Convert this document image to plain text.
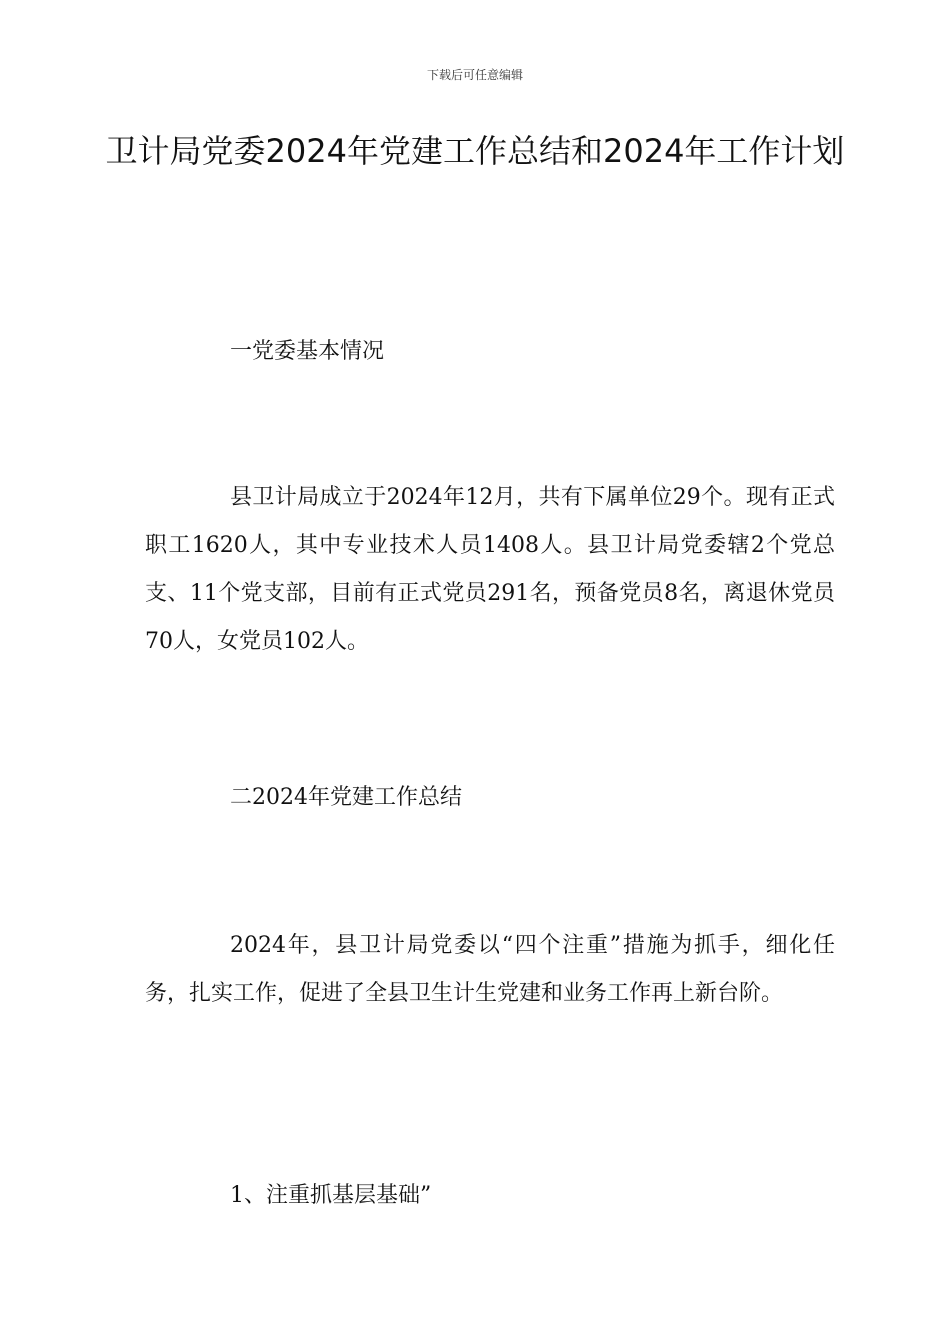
下载后可任意编辑
卫计局党委2024年党建工作总结和2024年工作计划
一党委基本情况

县卫计局成立于2024年12月，共有下属单位29个。现有正式职工1620人，其中专业技术人员1408人。县卫计局党委辖2个党总支、11个党支部，目前有正式党员291名，预备党员8名，离退休党员70人，女党员102人。

二2024年党建工作总结

2024年，县卫计局党委以“四个注重”措施为抓手，细化任务，扎实工作，促进了全县卫生计生党建和业务工作再上新台阶。

1、注重抓基层基础”
